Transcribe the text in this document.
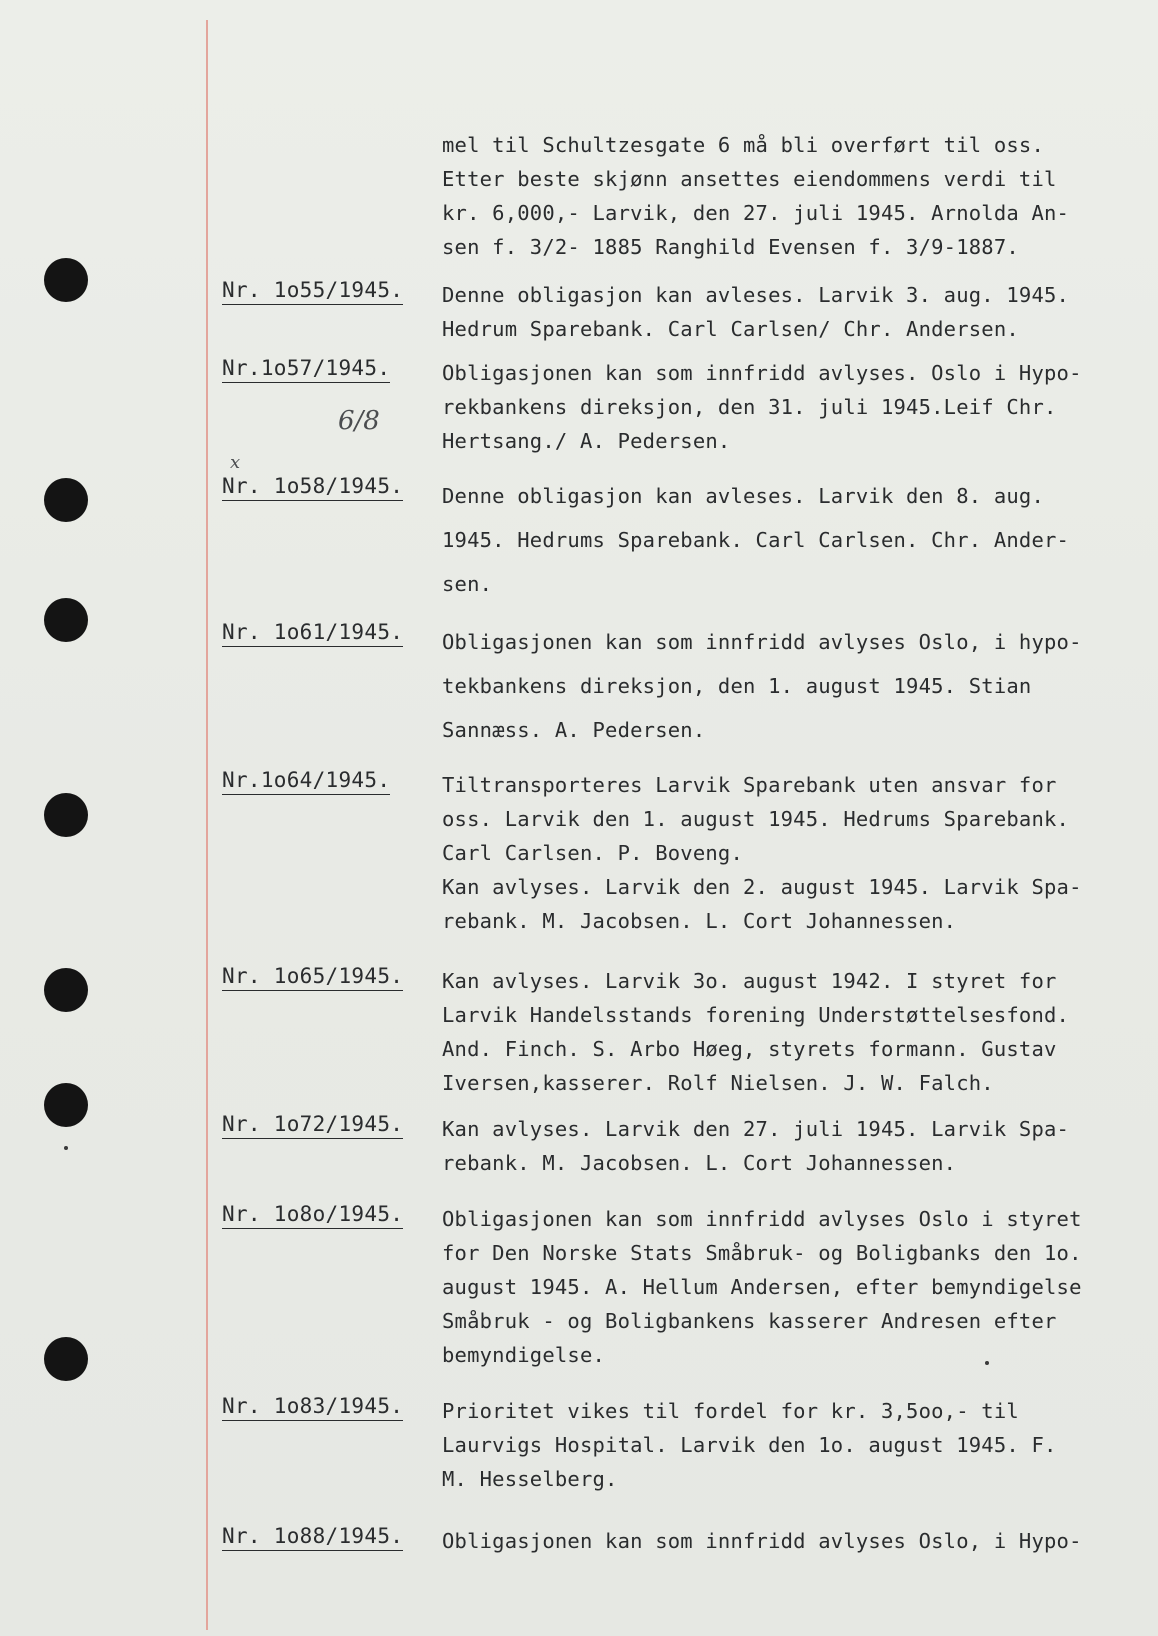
mel til Schultzesgate 6 må bli overført til oss.
Etter beste skjønn ansettes eiendommens verdi til
kr. 6,000,- Larvik, den 27. juli 1945. Arnolda An-
sen f. 3/2- 1885 Ranghild Evensen f. 3/9-1887.
Nr. 1o55/1945. Denne obligasjon kan avleses. Larvik 3. aug. 1945.
Hedrum Sparebank. Carl Carlsen/ Chr. Andersen.
Nr.1o57/1945.	Obligasjonen kan som innfridd avlyses. Oslo i Hypo-
rekbankens direksjon, den 31. juli 1945.Leif Chr.
Hertsang./ A. Pedersen.
6/8
x
Nr. 1o58/1945. Denne obligasjon kan avleses. Larvik den 8. aug.
1945. Hedrums Sparebank. Carl Carlsen. Chr. Ander-
sen.
Nr. 1o61/1945. Obligasjonen kan som innfridd avlyses Oslo, i hypo-
tekbankens direksjon, den 1. august 1945. Stian
Sannæss. A. Pedersen.
Nr.1o64/1945.	Tiltransporteres Larvik Sparebank uten ansvar for
oss. Larvik den 1. august 1945. Hedrums Sparebank.
Carl Carlsen. P. Boveng.
Kan avlyses. Larvik den 2. august 1945. Larvik Spa-
rebank. M. Jacobsen. L. Cort Johannessen.
Nr. 1o65/1945. Kan avlyses. Larvik 3o. august 1942. I styret for
Larvik Handelsstands forening Understøttelsesfond.
And. Finch. S. Arbo Høeg, styrets formann. Gustav
Iversen,kasserer. Rolf Nielsen. J. W. Falch.
Nr. 1o72/1945. Kan avlyses. Larvik den 27. juli 1945. Larvik Spa-
rebank. M. Jacobsen. L. Cort Johannessen.
Nr. 1o8o/1945. Obligasjonen kan som innfridd avlyses Oslo i styret
for Den Norske Stats Småbruk- og Boligbanks den 1o.
august 1945. A. Hellum Andersen, efter bemyndigelse
Småbruk - og Boligbankens kasserer Andresen efter
bemyndigelse.
Nr. 1o83/1945. Prioritet vikes til fordel for kr. 3,5oo,- til
Laurvigs Hospital. Larvik den 1o. august 1945. F.
M. Hesselberg.
Nr. 1o88/1945. Obligasjonen kan som innfridd avlyses Oslo, i Hypo-
